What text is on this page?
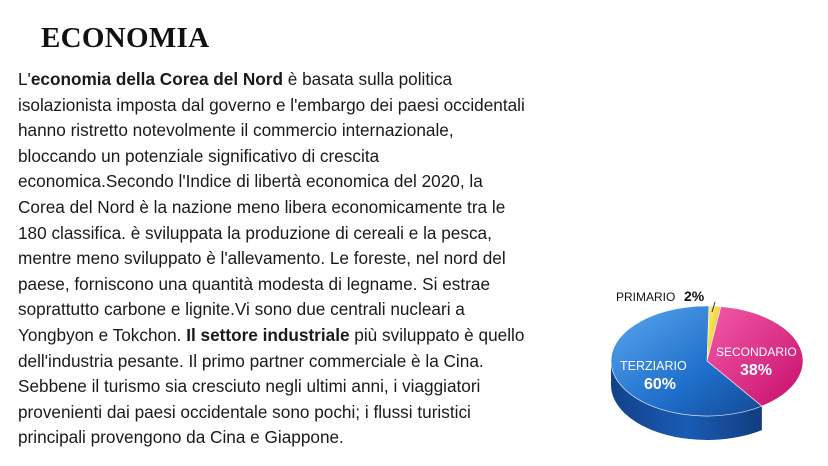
ECONOMIA

L'economia della Corea del Nord è basata sulla politica
isolazionista imposta dal governo e l'embargo dei paesi occidentali
hanno ristretto notevolmente il commercio internazionale,
bloccando un potenziale significativo di crescita
economica.Secondo l'Indice di libertà economica del 2020, la
Corea del Nord è la nazione meno libera economicamente tra le
180 classifica. è sviluppata la produzione di cereali e la pesca,
mentre meno sviluppato è l'allevamento. Le foreste, nel nord del
paese, forniscono una quantità modesta di legname. Si estrae
soprattutto carbone e lignite.Vi sono due centrali nucleari a
Yongbyon e Tokchon. Il settore industriale più sviluppato è quello
dell'industria pesante. Il primo partner commerciale è la Cina.
Sebbene il turismo sia cresciuto negli ultimi anni, i viaggiatori
provenienti dai paesi occidentale sono pochi; i flussi turistici
principali provengono da Cina e Giappone.

PRIMARIO 2%
TERZIARIO
60%
SECONDARIO
38%
